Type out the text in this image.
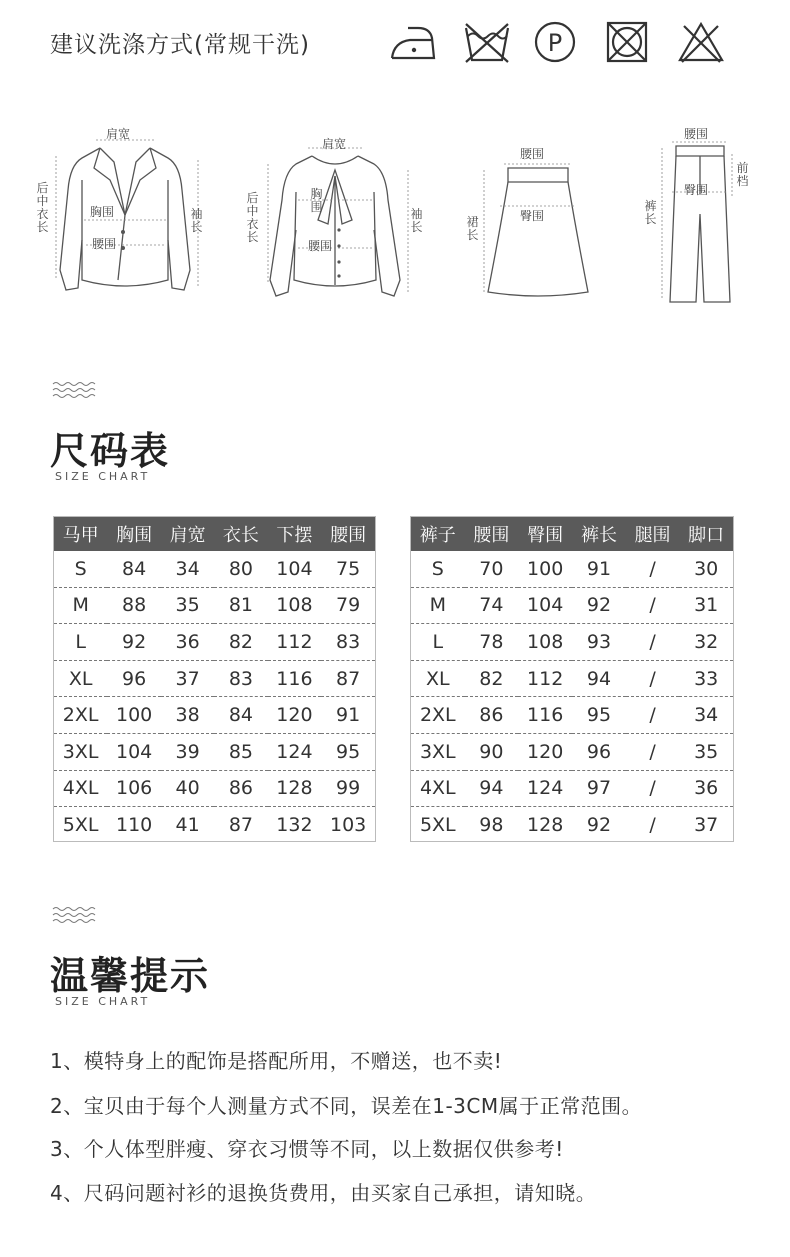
建议洗涤方式(常规干洗)	P
肩宽
胸围
腰围
后中衣长
袖长
肩宽
胸围
腰围
后中衣长
袖长
腰围
臀围
裙长
腰围
臀围
前档
裤长
尺码表
SIZE CHART
马甲	胸围	肩宽	衣长	下摆	腰围
S	84	34	80	104	75
M	88	35	81	108	79
L	92	36	82	112	83
XL	96	37	83	116	87
2XL	100	38	84	120	91
3XL	104	39	85	124	95
4XL	106	40	86	128	99
5XL	110	41	87	132	103
裤子	腰围	臀围	裤长	腿围	脚口
S	70	100	91	/	30
M	74	104	92	/	31
L	78	108	93	/	32
XL	82	112	94	/	33
2XL	86	116	95	/	34
3XL	90	120	96	/	35
4XL	94	124	97	/	36
5XL	98	128	92	/	37
温馨提示
SIZE CHART
1、模特身上的配饰是搭配所用，不赠送，也不卖!
2、宝贝由于每个人测量方式不同，误差在1-3CM属于正常范围。
3、个人体型胖瘦、穿衣习惯等不同，以上数据仅供参考!
4、尺码问题衬衫的退换货费用，由买家自己承担，请知晓。
